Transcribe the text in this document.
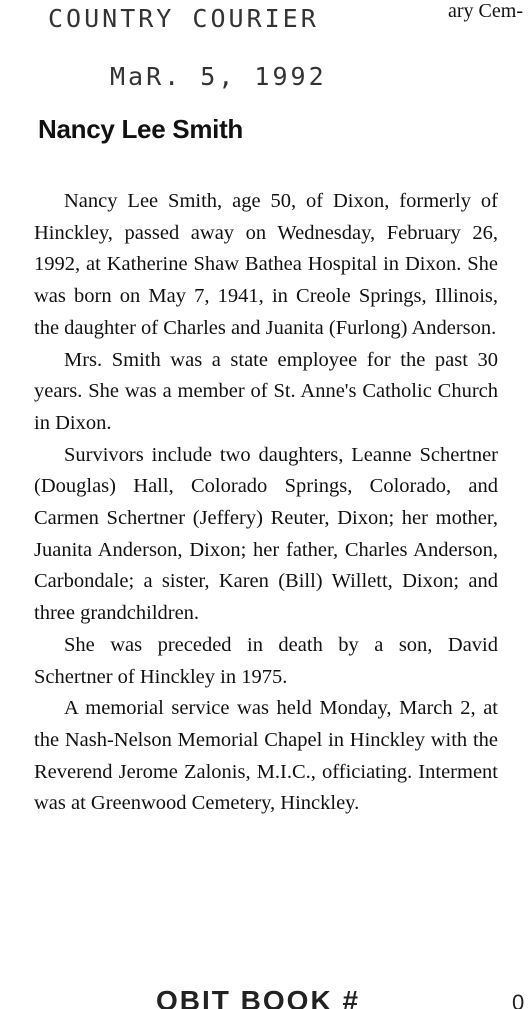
COUNTRY COURIER	ary Cem-
MaR. 5, 1992
Nancy Lee Smith

Nancy Lee Smith, age 50, of Dixon, formerly of Hinckley, passed away on Wednesday, February 26, 1992, at Katherine Shaw Bathea Hospital in Dixon. She was born on May 7, 1941, in Creole Springs, Illinois, the daughter of Charles and Juanita (Furlong) Anderson.

Mrs. Smith was a state employee for the past 30 years. She was a member of St. Anne's Catholic Church in Dixon.

Survivors include two daughters, Leanne Schertner (Douglas) Hall, Colorado Springs, Colorado, and Carmen Schertner (Jeffery) Reuter, Dixon; her mother, Juanita Anderson, Dixon; her father, Charles Anderson, Carbondale; a sister, Karen (Bill) Willett, Dixon; and three grandchildren.

She was preceded in death by a son, David Schertner of Hinckley in 1975.

A memorial service was held Monday, March 2, at the Nash-Nelson Memorial Chapel in Hinckley with the Reverend Jerome Zalonis, M.I.C., officiating. Interment was at Greenwood Cemetery, Hinckley.

OBIT BOOK #	0
